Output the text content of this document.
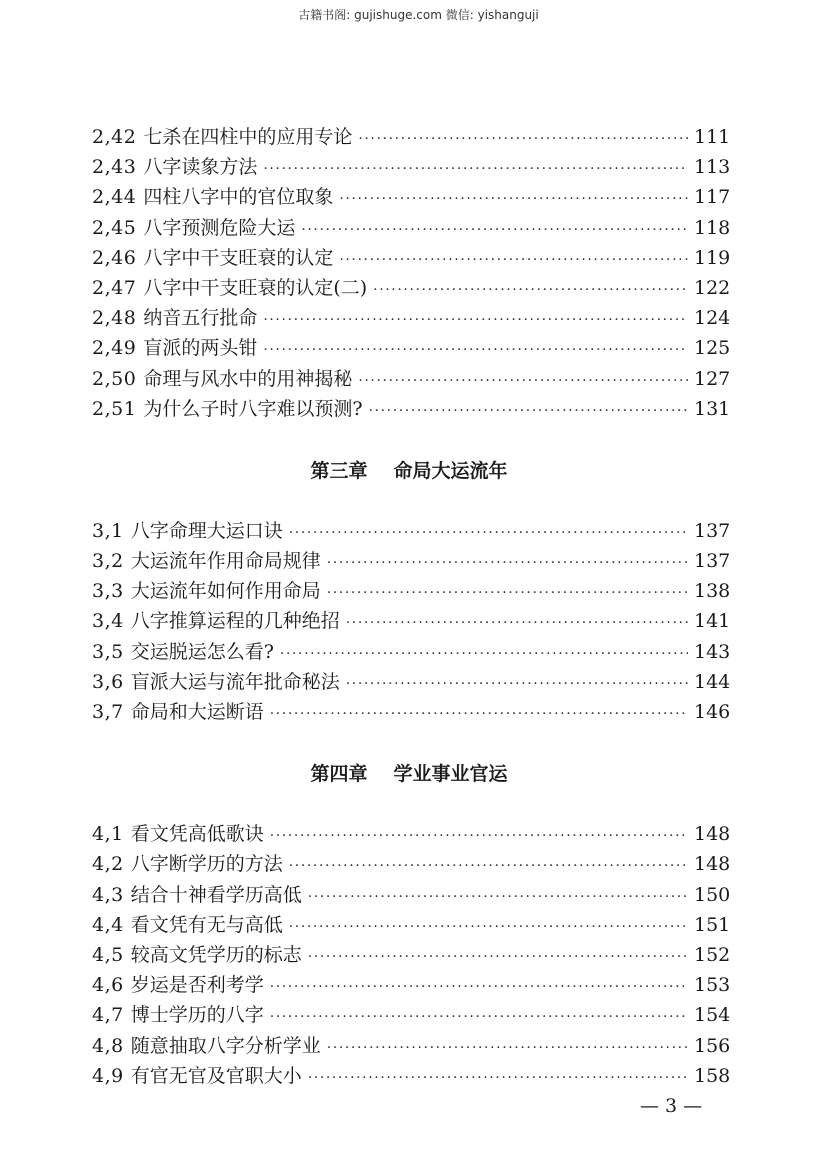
古籍书阁: gujishuge.com 微信: yishanguji
2,42 七杀在四柱中的应用专论 ·····	111
2,43 八字读象方法 ·····	113
2,44 四柱八字中的官位取象 ·····	117
2,45 八字预测危险大运 ·····	118
2,46 八字中干支旺衰的认定 ·····	119
2,47 八字中干支旺衰的认定(二) ·····	122
2,48 纳音五行批命 ·····	124
2,49 盲派的两头钳 ·····	125
2,50 命理与风水中的用神揭秘 ·····	127
2,51 为什么子时八字难以预测? ·····	131
第三章 命局大运流年
3,1 八字命理大运口诀 ·····	137
3,2 大运流年作用命局规律 ·····	137
3,3 大运流年如何作用命局 ·····	138
3,4 八字推算运程的几种绝招 ·····	141
3,5 交运脱运怎么看? ·····	143
3,6 盲派大运与流年批命秘法 ·····	144
3,7 命局和大运断语 ·····	146
第四章 学业事业官运
4,1 看文凭高低歌诀 ·····	148
4,2 八字断学历的方法 ·····	148
4,3 结合十神看学历高低 ·····	150
4,4 看文凭有无与高低 ·····	151
4,5 较高文凭学历的标志 ·····	152
4,6 岁运是否利考学 ·····	153
4,7 博士学历的八字 ·····	154
4,8 随意抽取八字分析学业 ·····	156
4,9 有官无官及官职大小 ·····	158
— 3 —
